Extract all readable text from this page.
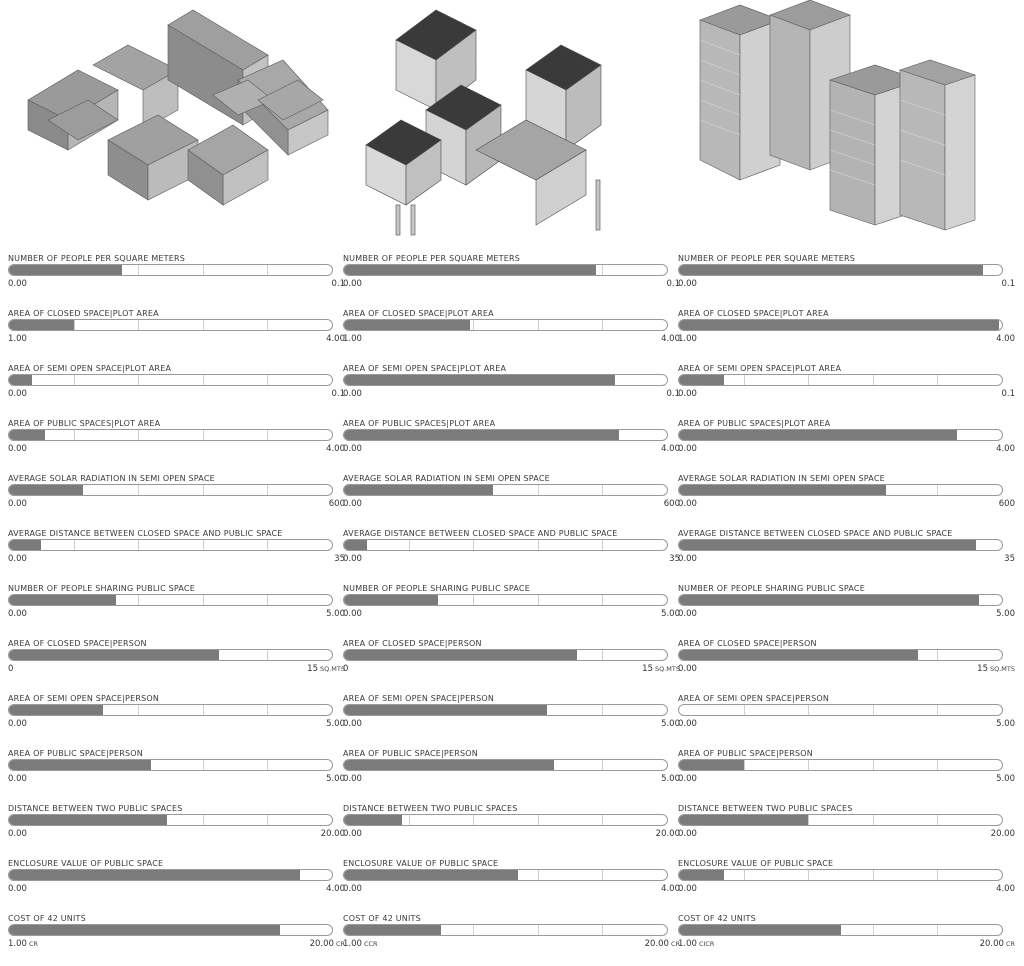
NUMBER OF PEOPLE PER SQUARE METERS
0.00	0.1
AREA OF CLOSED SPACE|PLOT AREA
1.00	4.00
AREA OF SEMI OPEN SPACE|PLOT AREA
0.00	0.1
AREA OF PUBLIC SPACES|PLOT AREA
0.00	4.00
AVERAGE SOLAR RADIATION IN SEMI OPEN SPACE
0.00	600
AVERAGE DISTANCE BETWEEN CLOSED SPACE AND PUBLIC SPACE
0.00	35
NUMBER OF PEOPLE SHARING PUBLIC SPACE
0.00	5.00
AREA OF CLOSED SPACE|PERSON
0	15 SQ.MTS
AREA OF SEMI OPEN SPACE|PERSON
0.00	5.00
AREA OF PUBLIC SPACE|PERSON
0.00	5.00
DISTANCE BETWEEN TWO PUBLIC SPACES
0.00	20.00
ENCLOSURE VALUE OF PUBLIC SPACE
0.00	4.00
COST OF 42 UNITS
1.00 CR	20.00 CR
NUMBER OF PEOPLE PER SQUARE METERS
0.00	0.1
AREA OF CLOSED SPACE|PLOT AREA
1.00	4.00
AREA OF SEMI OPEN SPACE|PLOT AREA
0.00	0.1
AREA OF PUBLIC SPACES|PLOT AREA
0.00	4.00
AVERAGE SOLAR RADIATION IN SEMI OPEN SPACE
0.00	600
AVERAGE DISTANCE BETWEEN CLOSED SPACE AND PUBLIC SPACE
0.00	35
NUMBER OF PEOPLE SHARING PUBLIC SPACE
0.00	5.00
AREA OF CLOSED SPACE|PERSON
0	15 SQ.MTS
AREA OF SEMI OPEN SPACE|PERSON
0.00	5.00
AREA OF PUBLIC SPACE|PERSON
0.00	5.00
DISTANCE BETWEEN TWO PUBLIC SPACES
0.00	20.00
ENCLOSURE VALUE OF PUBLIC SPACE
0.00	4.00
COST OF 42 UNITS
1.00 CCR	20.00 CR
NUMBER OF PEOPLE PER SQUARE METERS
0.00	0.1
AREA OF CLOSED SPACE|PLOT AREA
1.00	4.00
AREA OF SEMI OPEN SPACE|PLOT AREA
0.00	0.1
AREA OF PUBLIC SPACES|PLOT AREA
0.00	4.00
AVERAGE SOLAR RADIATION IN SEMI OPEN SPACE
0.00	600
AVERAGE DISTANCE BETWEEN CLOSED SPACE AND PUBLIC SPACE
0.00	35
NUMBER OF PEOPLE SHARING PUBLIC SPACE
0.00	5.00
AREA OF CLOSED SPACE|PERSON
0.00	15 SQ.MTS
AREA OF SEMI OPEN SPACE|PERSON
0.00	5.00
AREA OF PUBLIC SPACE|PERSON
0.00	5.00
DISTANCE BETWEEN TWO PUBLIC SPACES
0.00	20.00
ENCLOSURE VALUE OF PUBLIC SPACE
0.00	4.00
COST OF 42 UNITS
1.00 CICR	20.00 CR
